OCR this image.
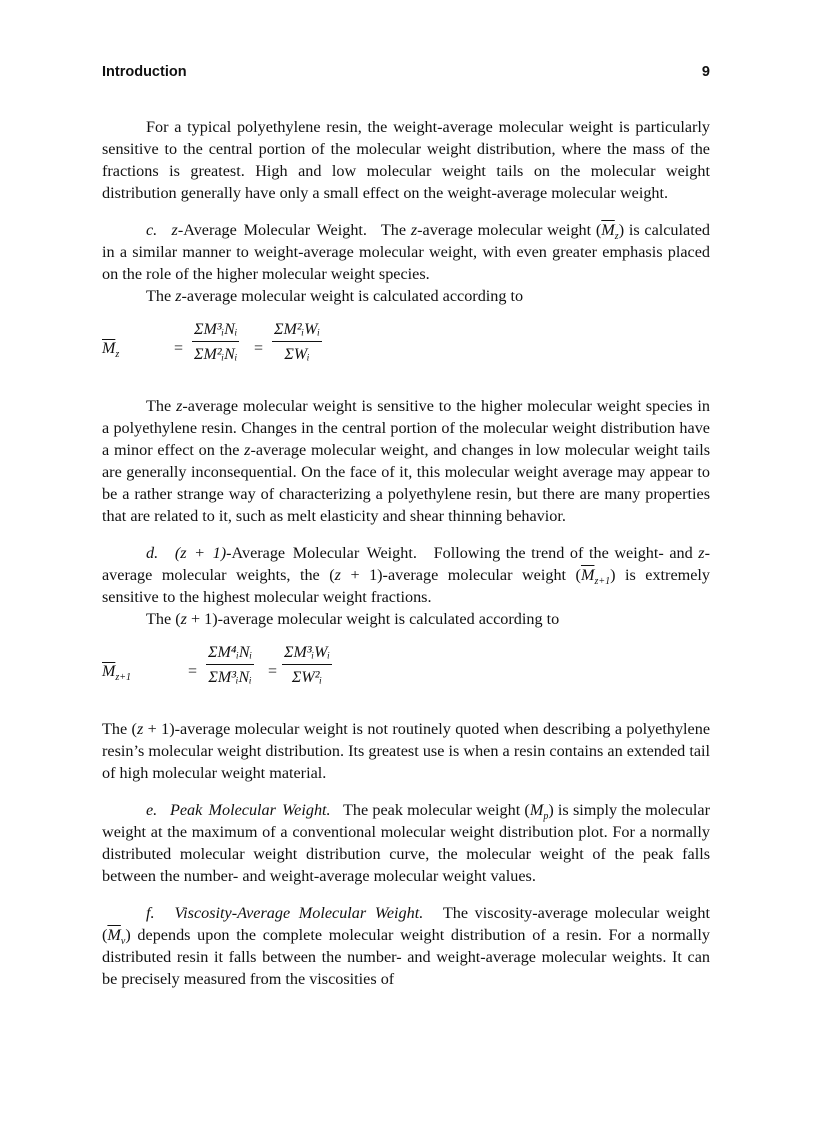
Introduction	9

For a typical polyethylene resin, the weight-average molecular weight is particularly sensitive to the central portion of the molecular weight distribution, where the mass of the fractions is greatest. High and low molecular weight tails on the molecular weight distribution generally have only a small effect on the weight-average molecular weight.

c. z-Average Molecular Weight. The z-average molecular weight $(\overline{M}_z)$ is calculated in a similar manner to weight-average molecular weight, with even greater emphasis placed on the role of the higher molecular weight species.

The z-average molecular weight is calculated according to

$\overline{M}_z$	=
ΣM³ᵢNᵢ
ΣM²ᵢNᵢ =
ΣM²ᵢWᵢ
ΣWᵢ

The z-average molecular weight is sensitive to the higher molecular weight species in a polyethylene resin. Changes in the central portion of the molecular weight distribution have a minor effect on the z-average molecular weight, and changes in low molecular weight tails are generally inconsequential. On the face of it, this molecular weight average may appear to be a rather strange way of characterizing a polyethylene resin, but there are many properties that are related to it, such as melt elasticity and shear thinning behavior.

d. (z + 1)-Average Molecular Weight. Following the trend of the weight- and z-average molecular weights, the (z + 1)-average molecular weight $(\overline{M}_{z+1})$ is extremely sensitive to the highest molecular weight fractions.

The (z + 1)-average molecular weight is calculated according to

$\overline{M}_{z+1}$	=
ΣM⁴ᵢNᵢ
ΣM³ᵢNᵢ =
ΣM³ᵢWᵢ
ΣW²ᵢ

The (z + 1)-average molecular weight is not routinely quoted when describing a polyethylene resin’s molecular weight distribution. Its greatest use is when a resin contains an extended tail of high molecular weight material.

e. Peak Molecular Weight. The peak molecular weight $(M_p)$ is simply the molecular weight at the maximum of a conventional molecular weight distribution plot. For a normally distributed molecular weight distribution curve, the molecular weight of the peak falls between the number- and weight-average molecular weight values.

f. Viscosity-Average Molecular Weight. The viscosity-average molecular weight $(\overline{M}_v)$ depends upon the complete molecular weight distribution of a resin. For a normally distributed resin it falls between the number- and weight-average molecular weights. It can be precisely measured from the viscosities of
